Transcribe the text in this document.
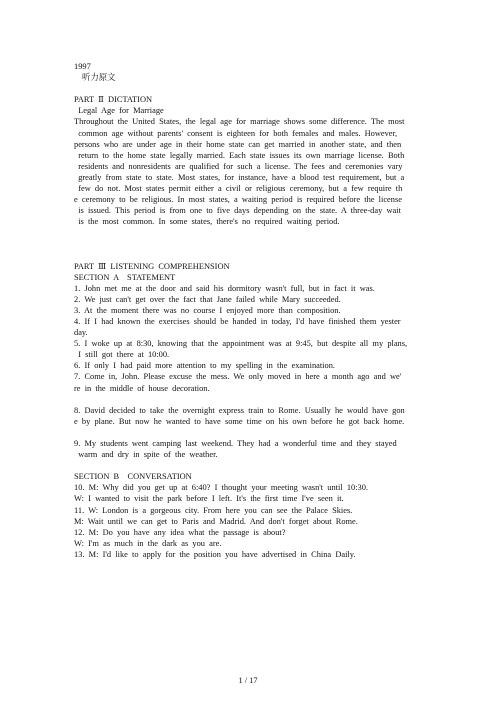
1997
听力原文
PART  Ⅱ  DICTATION
Legal  Age  for  Marriage
Throughout  the  United  States,  the  legal  age  for  marriage  shows  some  difference.  The  most
common  age  without  parents'  consent  is  eighteen  for  both  females  and  males.  However,
persons  who  are  under  age  in  their  home  state  can  get  married  in  another  state,  and  then
return  to  the  home  state  legally  married.  Each  state  issues  its  own  marriage  license.  Both
residents  and  nonresidents  are  qualified  for  such  a  license.  The  fees  and  ceremonies  vary
greatly  from  state  to  state.  Most  states,  for  instance,  have  a  blood  test  requirement,  but  a
few  do  not.  Most  states  permit  either  a  civil  or  religious  ceremony,  but  a  few  require  th
e  ceremony  to  be  religious.  In  most  states,  a  waiting  period  is  required  before  the  license
is  issued.  This  period  is  from  one  to  five  days  depending  on  the  state.  A  three-day  wait
is  the  most  common.  In  some  states,  there's  no  required  waiting  period.
PART  Ⅲ  LISTENING  COMPREHENSION
SECTION  A    STATEMENT
1.  John  met  me  at  the  door  and  said  his  dormitory  wasn't  full,  but  in  fact  it  was.
2.  We  just  can't  get  over  the  fact  that  Jane  failed  while  Mary  succeeded.
3.  At  the  moment  there  was  no  course  I  enjoyed  more  than  composition.
4.  If  I  had  known  the  exercises  should  be  handed  in  today,  I'd  have  finished  them  yester
day.
5.  I  woke  up  at  8:30,  knowing  that  the  appointment  was  at  9:45,  but  despite  all  my  plans,
I  still  got  there  at  10:00.
6.  If  only  I  had  paid  more  attention  to  my  spelling  in  the  examination.
7.  Come  in,  John.  Please  excuse  the  mess.  We  only  moved  in  here  a  month  ago  and  we'
re  in  the  middle  of  house  decoration.
8.  David  decided  to  take  the  overnight  express  train  to  Rome.  Usually  he  would  have  gon
e  by  plane.  But  now  he  wanted  to  have  some  time  on  his  own  before  he  got  back  home.
9.  My  students  went  camping  last  weekend.  They  had  a  wonderful  time  and  they  stayed
warm  and  dry  in  spite  of  the  weather.
SECTION  B    CONVERSATION
10.  M:  Why  did  you  get  up  at  6:40?  I  thought  your  meeting  wasn't  until  10:30.
W:  I  wanted  to  visit  the  park  before  I  left.  It's  the  first  time  I've  seen  it.
11.  W:  London  is  a  gorgeous  city.  From  here  you  can  see  the  Palace  Skies.
M:  Wait  until  we  can  get  to  Paris  and  Madrid.  And  don't  forget  about  Rome.
12.  M:  Do  you  have  any  idea  what  the  passage  is  about?
W:  I'm  as  much  in  the  dark  as  you  are.
13.  M:  I'd  like  to  apply  for  the  position  you  have  advertised  in  China  Daily.
1 / 17
